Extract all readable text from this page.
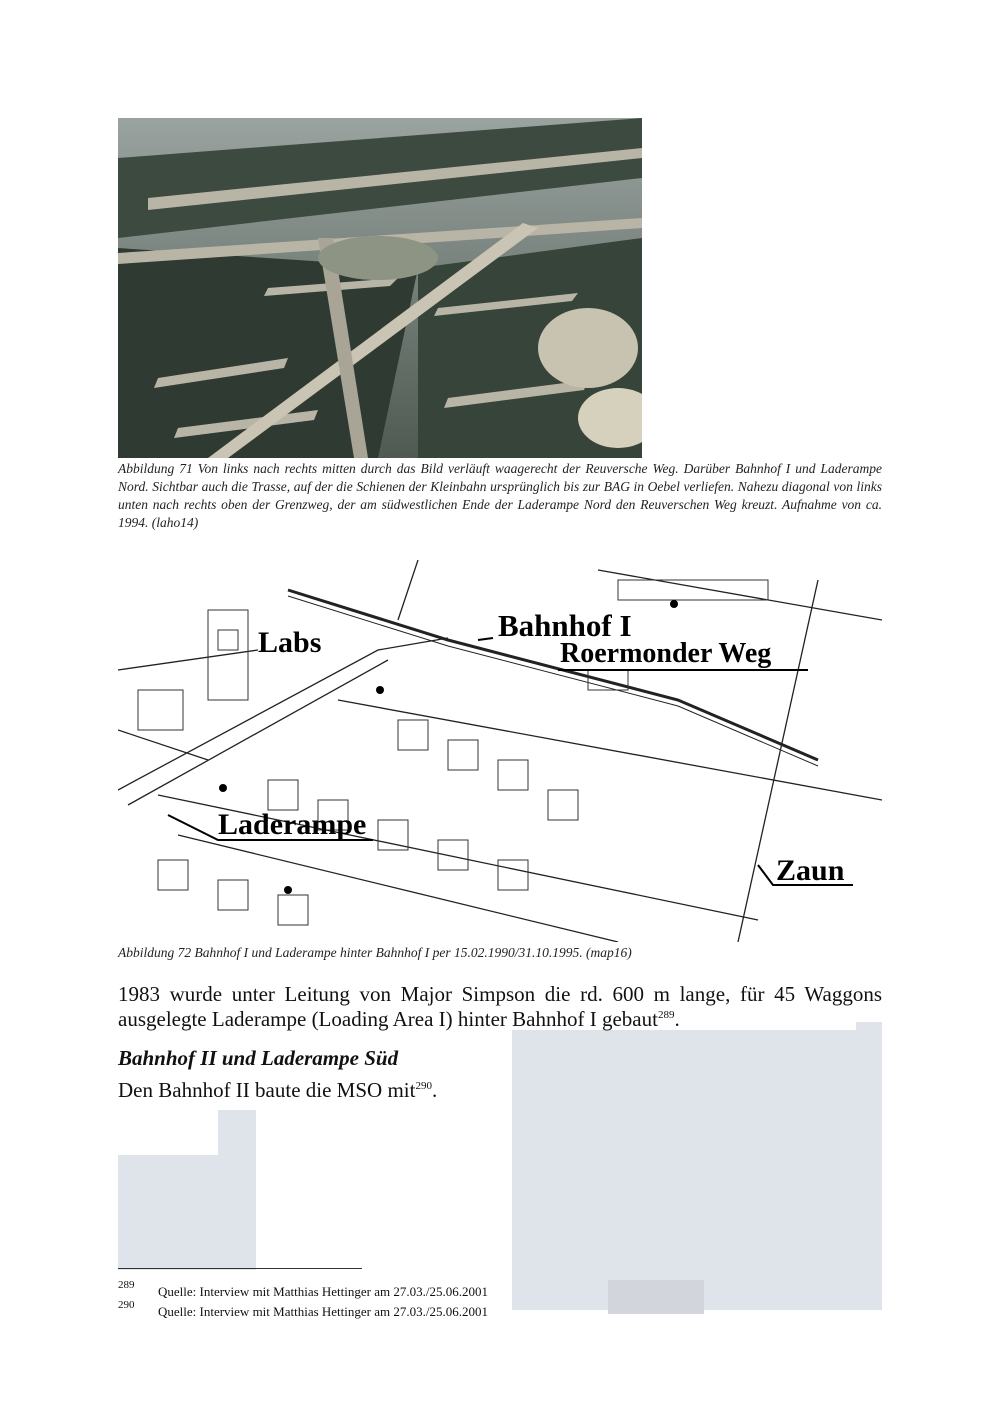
Abbildung 71 Von links nach rechts mitten durch das Bild verläuft waagerecht der Reuversche Weg. Darüber Bahnhof I und Laderampe Nord. Sichtbar auch die Trasse, auf der die Schienen der Kleinbahn ursprünglich bis zur BAG in Oebel verliefen. Nahezu diagonal von links unten nach rechts oben der Grenzweg, der am südwestlichen Ende der Laderampe Nord den Reuverschen Weg kreuzt. Aufnahme von ca. 1994. (laho14)

Labs	Bahnhof I
Roermonder Weg
Laderampe
Zaun

Abbildung 72 Bahnhof I und Laderampe hinter Bahnhof I per 15.02.1990/31.10.1995. (map16)

1983 wurde unter Leitung von Major Simpson die rd. 600 m lange, für 45 Waggons ausgelegte Laderampe (Loading Area I) hinter Bahnhof I gebaut$^{289}$.
Bahnhof II und Laderampe Süd
Den Bahnhof II baute die MSO mit$^{290}$.
289 Quelle: Interview mit Matthias Hettinger am 27.03./25.06.2001
290 Quelle: Interview mit Matthias Hettinger am 27.03./25.06.2001
